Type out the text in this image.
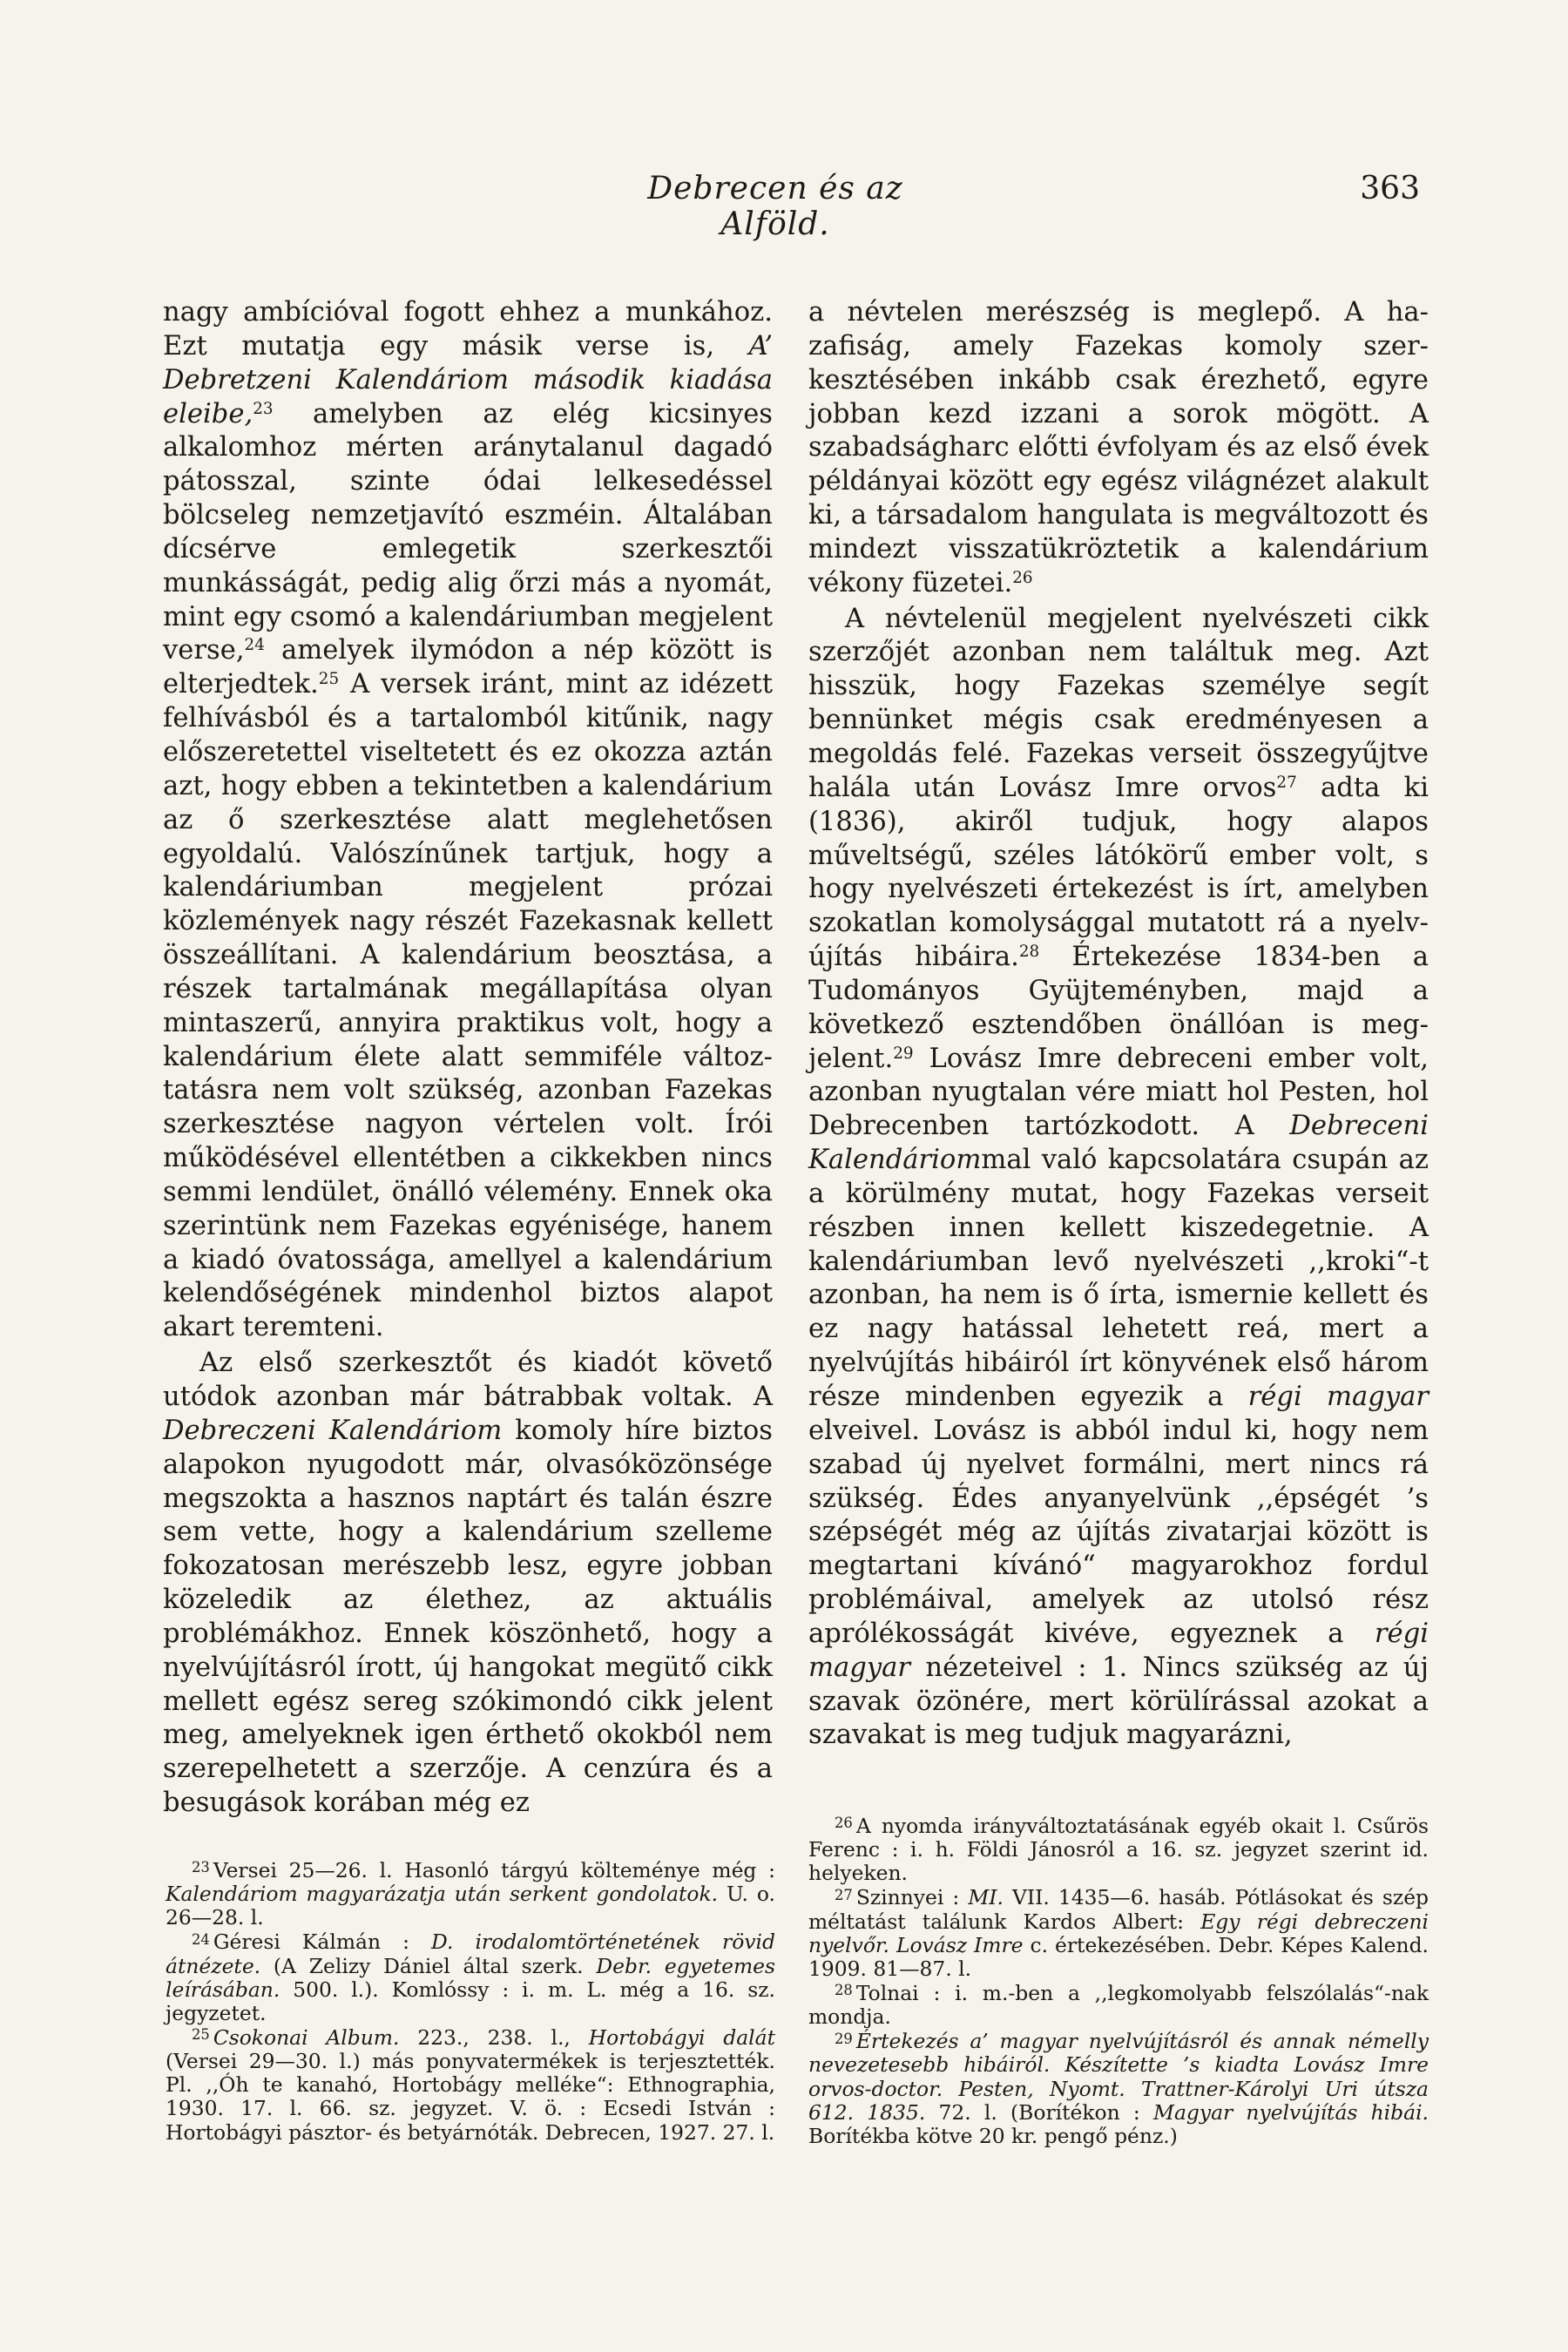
Debrecen és az Alföld.
363

nagy ambícióval fogott ehhez a munkához. Ezt mutatja egy másik verse is, A’ Debretzeni Kalendáriom második kiadása eleibe,$^{23}$ amelyben az elég kicsinyes alkalomhoz mérten aránytalanul dagadó pátosszal, szinte ódai lelkesedéssel bölcseleg nemzetjavító eszméin. Általában dícsérve emlegetik szerkesztői munkásságát, pedig alig őrzi más a nyomát, mint egy csomó a kalendáriumban megjelent verse,$^{24}$ amelyek ilymódon a nép között is elterjedtek.$^{25}$ A versek iránt, mint az idézett felhívásból és a tartalomból kitűnik, nagy előszeretettel viseltetett és ez okozza aztán azt, hogy ebben a tekintetben a kalendárium az ő szerkesztése alatt meglehetősen egyoldalú. Valószínűnek tartjuk, hogy a kalendáriumban megjelent prózai közlemények nagy részét Fazekasnak kellett összeállítani. A kalendárium beosztása, a részek tartalmának megállapítása olyan mintaszerű, annyira praktikus volt, hogy a kalendárium élete alatt semmiféle változtatásra nem volt szükség, azonban Fazekas szerkesztése nagyon vértelen volt. Írói működésével ellentétben a cikkekben nincs semmi lendület, önálló vélemény. Ennek oka szerintünk nem Fazekas egyénisége, hanem a kiadó óvatossága, amellyel a kalendárium kelendőségének mindenhol biztos alapot akart teremteni.

Az első szerkesztőt és kiadót követő utódok azonban már bátrabbak voltak. A Debreczeni Kalendáriom komoly híre biztos alapokon nyugodott már, olvasóközönsége megszokta a hasznos naptárt és talán észre sem vette, hogy a kalendárium szelleme fokozatosan merészebb lesz, egyre jobban közeledik az élethez, az aktuális problémákhoz. Ennek köszönhető, hogy a nyelvújításról írott, új hangokat megütő cikk mellett egész sereg szókimondó cikk jelent meg, amelyeknek igen érthető okokból nem szerepelhetett a szerzője. A cenzúra és a besugások korában még ez

a névtelen merészség is meglepő. A hazafiság, amely Fazekas komoly szerkesztésében inkább csak érezhető, egyre jobban kezd izzani a sorok mögött. A szabadságharc előtti évfolyam és az első évek példányai között egy egész világnézet alakult ki, a társadalom hangulata is megváltozott és mindezt visszatükröztetik a kalendárium vékony füzetei.$^{26}$

A névtelenül megjelent nyelvészeti cikk szerzőjét azonban nem találtuk meg. Azt hisszük, hogy Fazekas személye segít bennünket mégis csak eredményesen a megoldás felé. Fazekas verseit összegyűjtve halála után Lovász Imre orvos$^{27}$ adta ki (1836), akiről tudjuk, hogy alapos műveltségű, széles látókörű ember volt, s hogy nyelvészeti értekezést is írt, amelyben szokatlan komolysággal mutatott rá a nyelvújítás hibáira.$^{28}$ Értekezése 1834-ben a Tudományos Gyüjteményben, majd a következő esztendőben önállóan is megjelent.$^{29}$ Lovász Imre debreceni ember volt, azonban nyugtalan vére miatt hol Pesten, hol Debrecenben tartózkodott. A Debreceni Kalendáriommal való kapcsolatára csupán az a körülmény mutat, hogy Fazekas verseit részben innen kellett kiszedegetnie. A kalendáriumban levő nyelvészeti ,,kroki“-t azonban, ha nem is ő írta, ismernie kellett és ez nagy hatással lehetett reá, mert a nyelvújítás hibáiról írt könyvének első három része mindenben egyezik a régi magyar elveivel. Lovász is abból indul ki, hogy nem szabad új nyelvet formálni, mert nincs rá szükség. Édes anyanyelvünk ,,épségét ’s szépségét még az újítás zivatarjai között is megtartani kívánó“ magyarokhoz fordul problémáival, amelyek az utolsó rész aprólékosságát kivéve, egyeznek a régi magyar nézeteivel : 1. Nincs szükség az új szavak özönére, mert körülírással azokat a szavakat is meg tudjuk magyarázni,

$^{23}$ Versei 25—26. l. Hasonló tárgyú költeménye még : Kalendáriom magyarázatja után serkent gondolatok. U. o. 26—28. l.

$^{24}$ Géresi Kálmán : D. irodalomtörténetének rövid átnézete. (A Zelizy Dániel által szerk. Debr. egyetemes leírásában. 500. l.). Komlóssy : i. m. L. még a 16. sz. jegyzetet.

$^{25}$ Csokonai Album. 223., 238. l., Hortobágyi dalát (Versei 29—30. l.) más ponyvatermékek is terjesztették. Pl. ,,Óh te kanahó, Hortobágy melléke“: Ethnographia, 1930. 17. l. 66. sz. jegyzet. V. ö. : Ecsedi István : Hortobágyi pásztor- és betyárnóták. Debrecen, 1927. 27. l.

$^{26}$ A nyomda irányváltoztatásának egyéb okait l. Csűrös Ferenc : i. h. Földi Jánosról a 16. sz. jegyzet szerint id. helyeken.

$^{27}$ Szinnyei : MI. VII. 1435—6. hasáb. Pótlásokat és szép méltatást találunk Kardos Albert: Egy régi debreczeni nyelvőr. Lovász Imre c. értekezésében. Debr. Képes Kalend. 1909. 81—87. l.

$^{28}$ Tolnai : i. m.-ben a ,,legkomolyabb felszólalás“-nak mondja.

$^{29}$ Értekezés a’ magyar nyelvújításról és annak némelly nevezetesebb hibáiról. Készítette ’s kiadta Lovász Imre orvos-doctor. Pesten, Nyomt. Trattner-Károlyi Uri útsza 612. 1835. 72. l. (Borítékon : Magyar nyelvújítás hibái. Borítékba kötve 20 kr. pengő pénz.)
